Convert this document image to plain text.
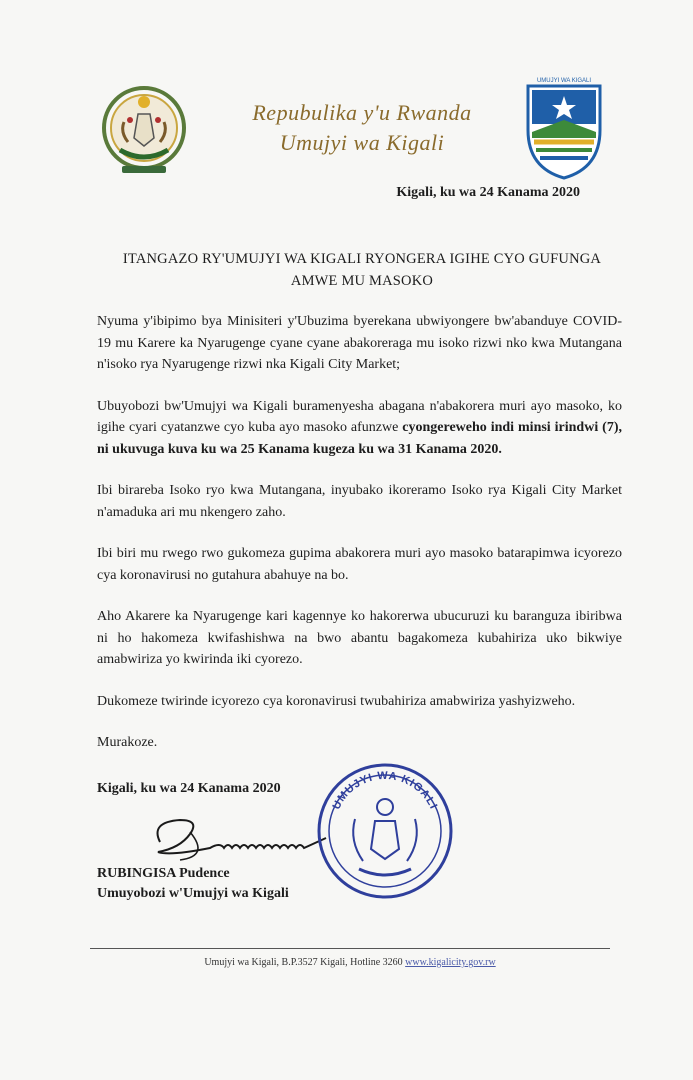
Repubulika y'u Rwanda
Umujyi wa Kigali
UMUJYI WA KIGALI
Kigali, ku wa 24 Kanama 2020
ITANGAZO RY'UMUJYI WA KIGALI RYONGERA IGIHE CYO GUFUNGA
AMWE MU MASOKO

Nyuma y'ibipimo bya Minisiteri y'Ubuzima byerekana ubwiyongere bw'abanduye COVID-19 mu Karere ka Nyarugenge cyane cyane abakoreraga mu isoko rizwi nko kwa Mutangana n'isoko rya Nyarugenge rizwi nka Kigali City Market;

Ubuyobozi bw'Umujyi wa Kigali buramenyesha abagana n'abakorera muri ayo masoko, ko igihe cyari cyatanzwe cyo kuba ayo masoko afunzwe cyongereweho indi minsi irindwi (7), ni ukuvuga kuva ku wa 25 Kanama kugeza ku wa 31 Kanama 2020.

Ibi birareba Isoko ryo kwa Mutangana, inyubako ikoreramo Isoko rya Kigali City Market n'amaduka ari mu nkengero zaho.

Ibi biri mu rwego rwo gukomeza gupima abakorera muri ayo masoko batarapimwa icyorezo cya koronavirusi no gutahura abahuye na bo.

Aho Akarere ka Nyarugenge kari kagennye ko hakorerwa ubucuruzi ku baranguza ibiribwa ni ho hakomeza kwifashishwa na bwo abantu bagakomeza kubahiriza uko bikwiye amabwiriza yo kwirinda iki cyorezo.

Dukomeze twirinde icyorezo cya koronavirusi twubahiriza amabwiriza yashyizweho.

Murakoze.

Kigali, ku wa 24 Kanama 2020
RUBINGISA Pudence
Umuyobozi w'Umujyi wa Kigali
UMUJYI WA KIGALI
Umujyi wa Kigali, B.P.3527 Kigali, Hotline 3260 www.kigalicity.gov.rw
